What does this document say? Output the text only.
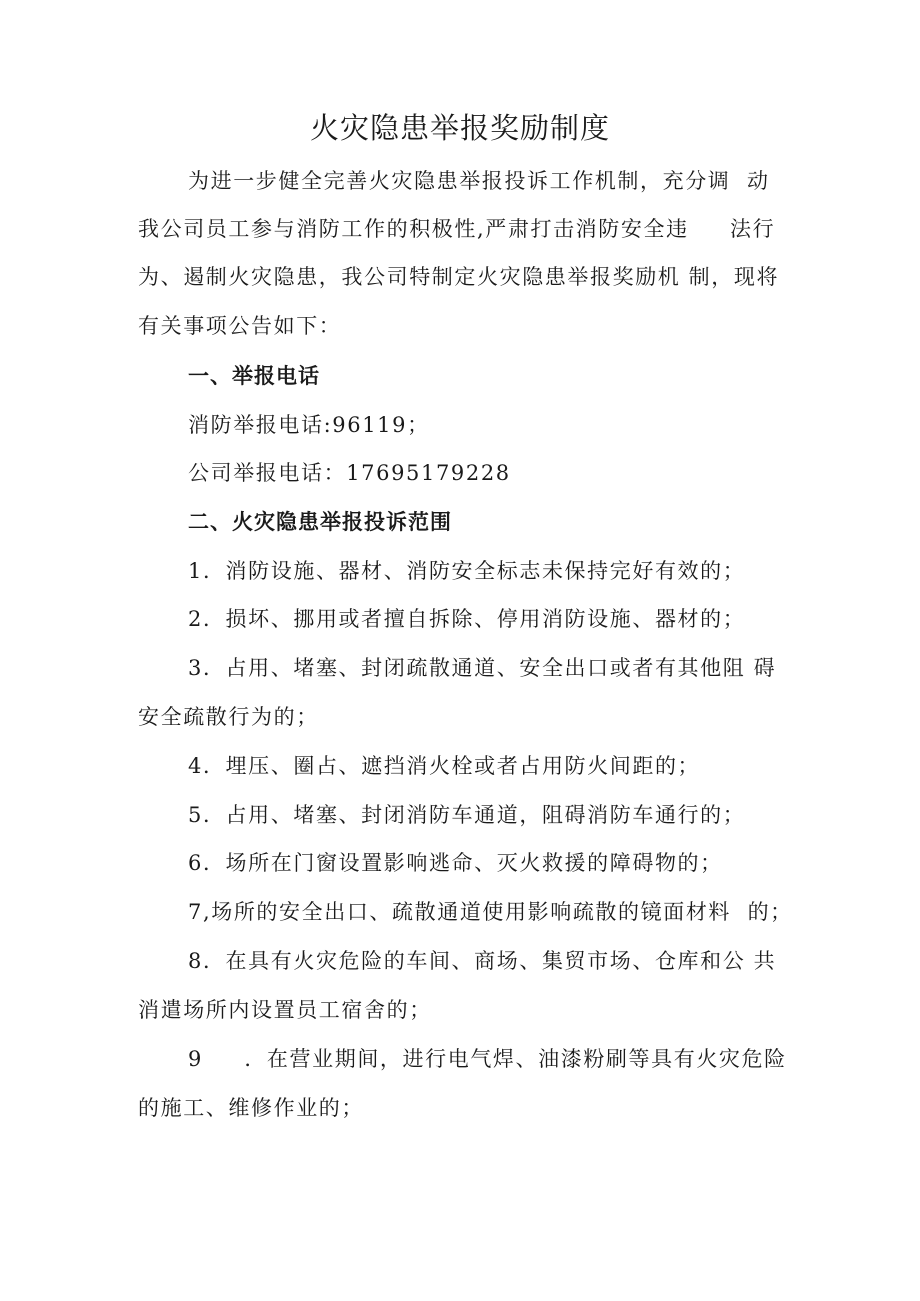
火灾隐患举报奖励制度
为进一步健全完善火灾隐患举报投诉工作机制，充分调  动
我公司员工参与消防工作的积极性,严肃打击消防安全违     法行
为、遏制火灾隐患，我公司特制定火灾隐患举报奖励机 制，现将
有关事项公告如下：
一、举报电话
消防举报电话:96119；
公司举报电话：17695179228
二、火灾隐患举报投诉范围
1．消防设施、器材、消防安全标志未保持完好有效的；
2．损坏、挪用或者擅自拆除、停用消防设施、器材的；
3．占用、堵塞、封闭疏散通道、安全出口或者有其他阻 碍
安全疏散行为的；
4．埋压、圈占、遮挡消火栓或者占用防火间距的；
5．占用、堵塞、封闭消防车通道，阻碍消防车通行的；
6．场所在门窗设置影响逃命、灭火救援的障碍物的；
7,场所的安全出口、疏散通道使用影响疏散的镜面材料  的；
8．在具有火灾危险的车间、商场、集贸市场、仓库和公 共
消遣场所内设置员工宿舍的；
9     ．在营业期间，进行电气焊、油漆粉刷等具有火灾危险
的施工、维修作业的；
